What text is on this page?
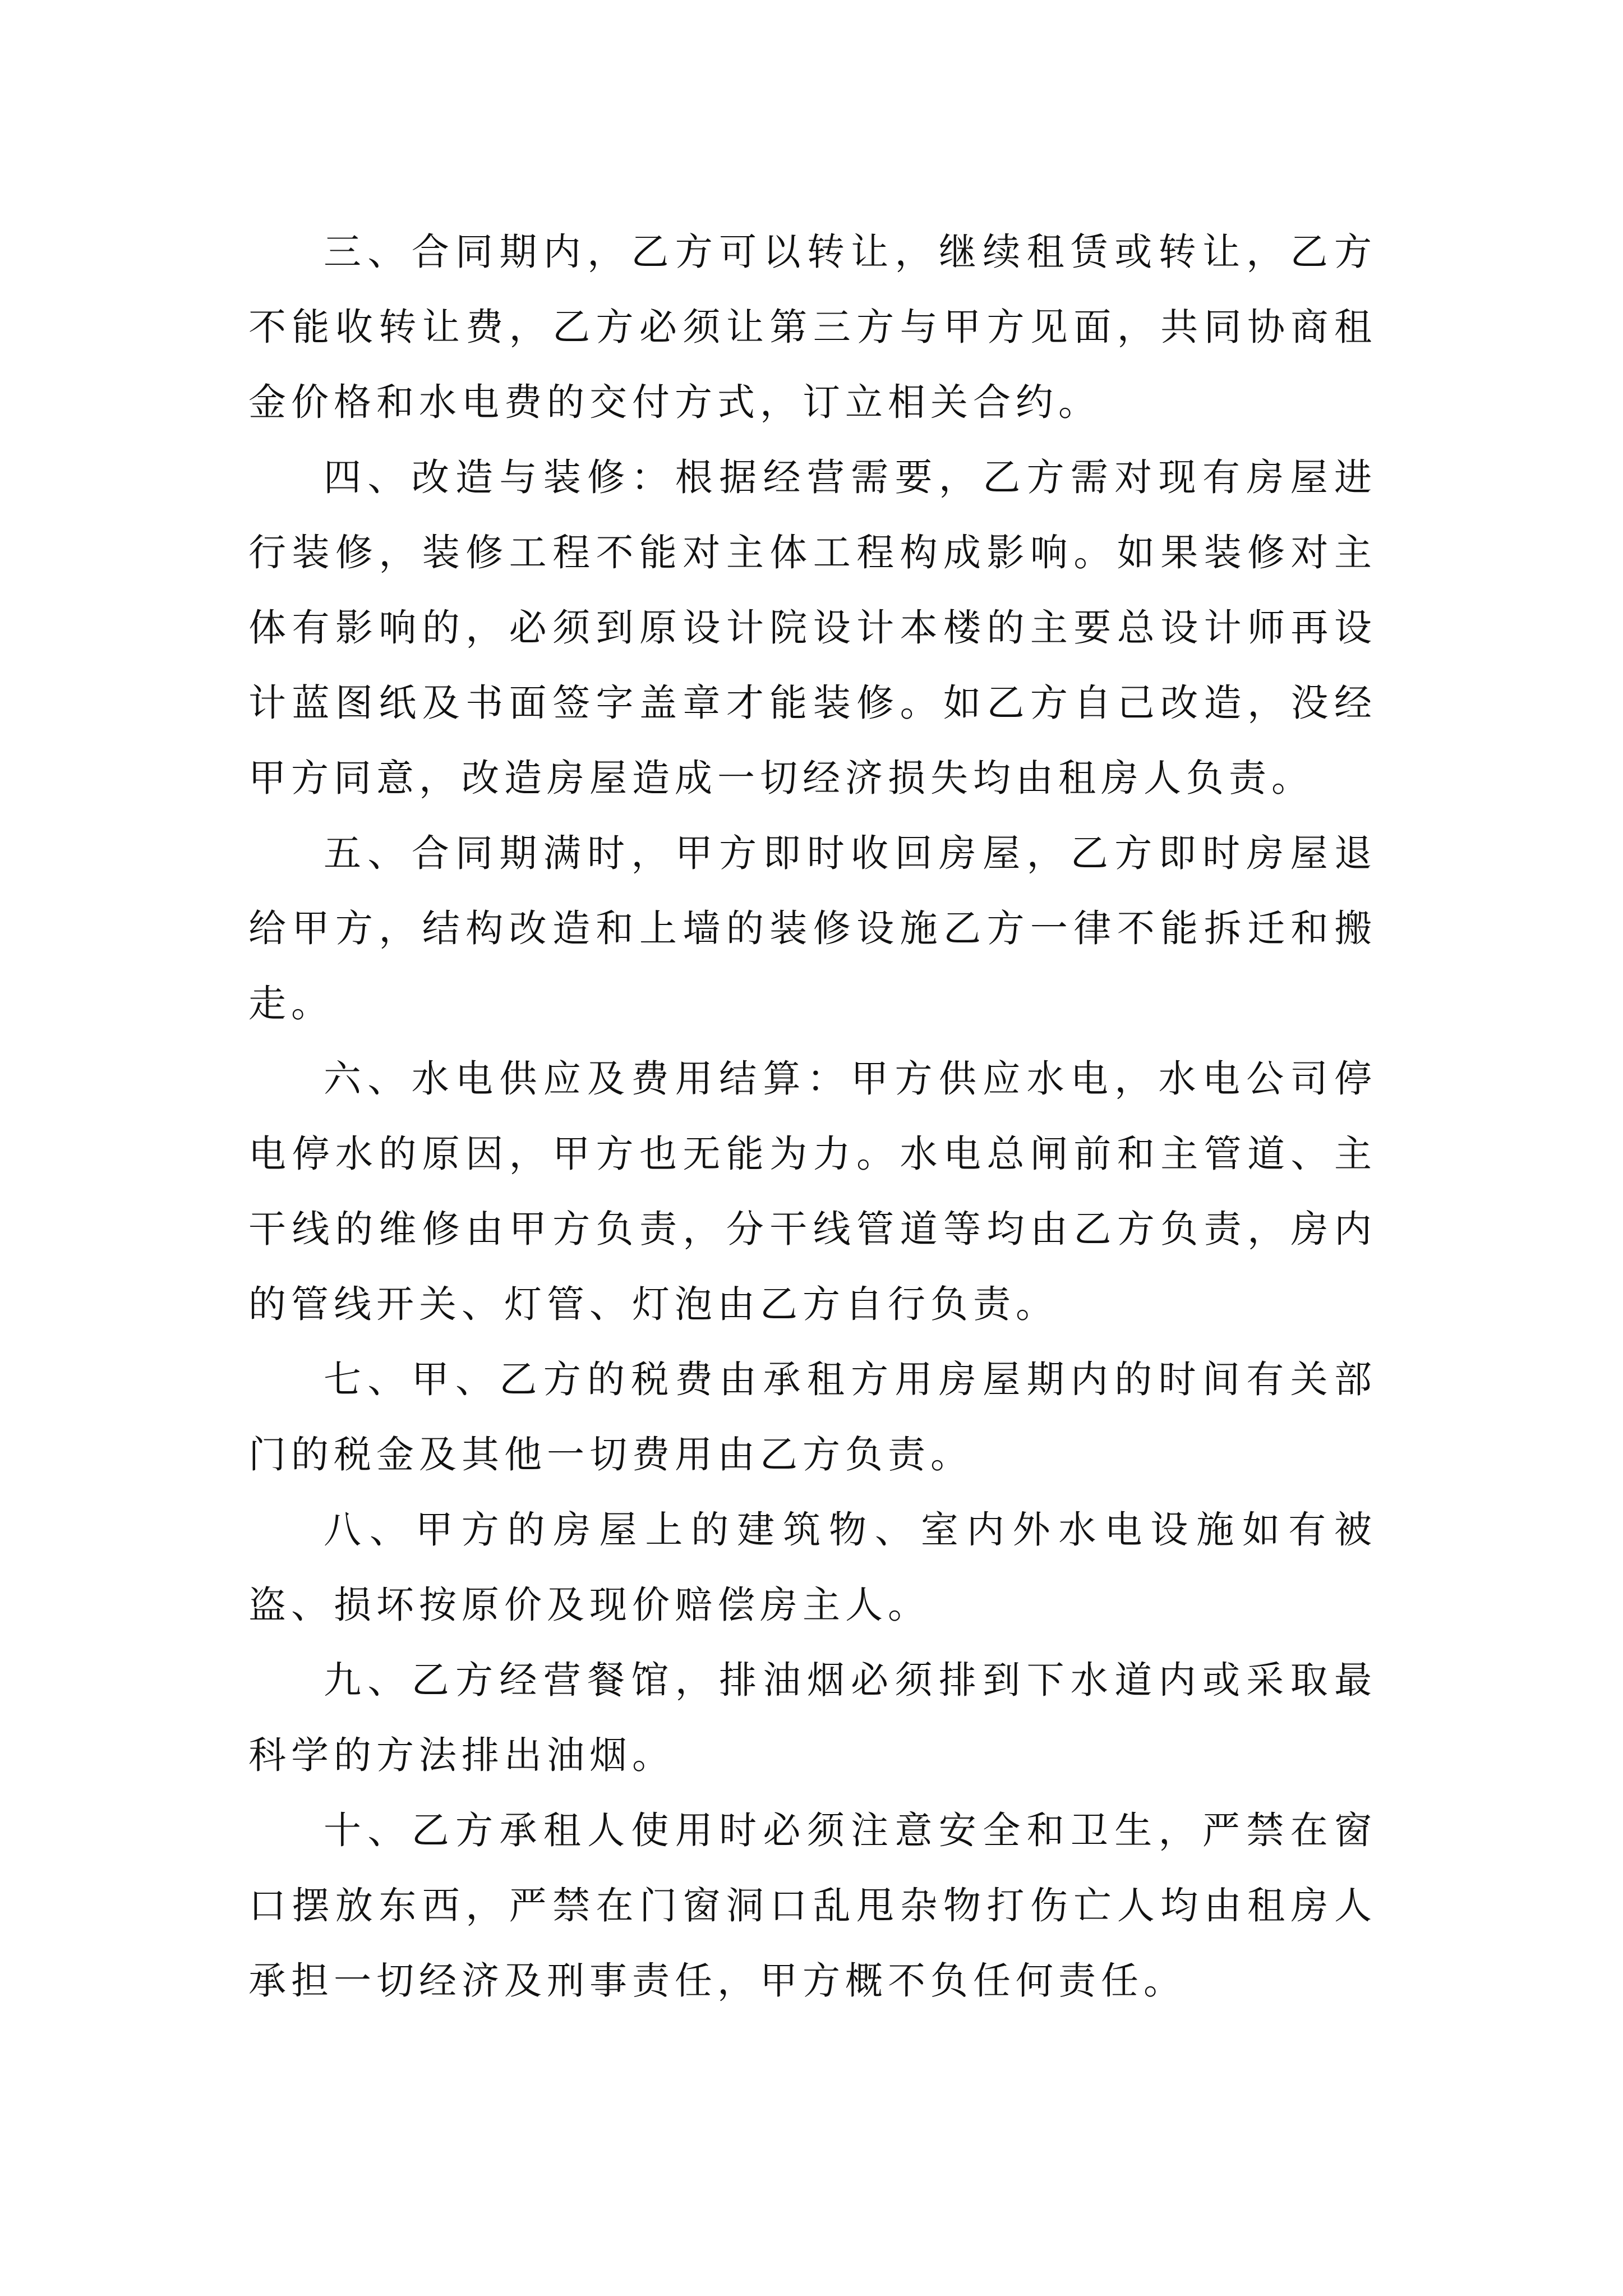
三、合同期内，乙方可以转让，继续租赁或转让，乙方不能收转让费，乙方必须让第三方与甲方见面，共同协商租金价格和水电费的交付方式，订立相关合约。

四、改造与装修：根据经营需要，乙方需对现有房屋进行装修，装修工程不能对主体工程构成影响。如果装修对主体有影响的，必须到原设计院设计本楼的主要总设计师再设计蓝图纸及书面签字盖章才能装修。如乙方自己改造，没经甲方同意，改造房屋造成一切经济损失均由租房人负责。

五、合同期满时，甲方即时收回房屋，乙方即时房屋退给甲方，结构改造和上墙的装修设施乙方一律不能拆迁和搬走。

六、水电供应及费用结算：甲方供应水电，水电公司停电停水的原因，甲方也无能为力。水电总闸前和主管道、主干线的维修由甲方负责，分干线管道等均由乙方负责，房内的管线开关、灯管、灯泡由乙方自行负责。

七、甲、乙方的税费由承租方用房屋期内的时间有关部门的税金及其他一切费用由乙方负责。

八、甲方的房屋上的建筑物、室内外水电设施如有被盗、损坏按原价及现价赔偿房主人。

九、乙方经营餐馆，排油烟必须排到下水道内或采取最科学的方法排出油烟。

十、乙方承租人使用时必须注意安全和卫生，严禁在窗口摆放东西，严禁在门窗洞口乱甩杂物打伤亡人均由租房人承担一切经济及刑事责任，甲方概不负任何责任。
